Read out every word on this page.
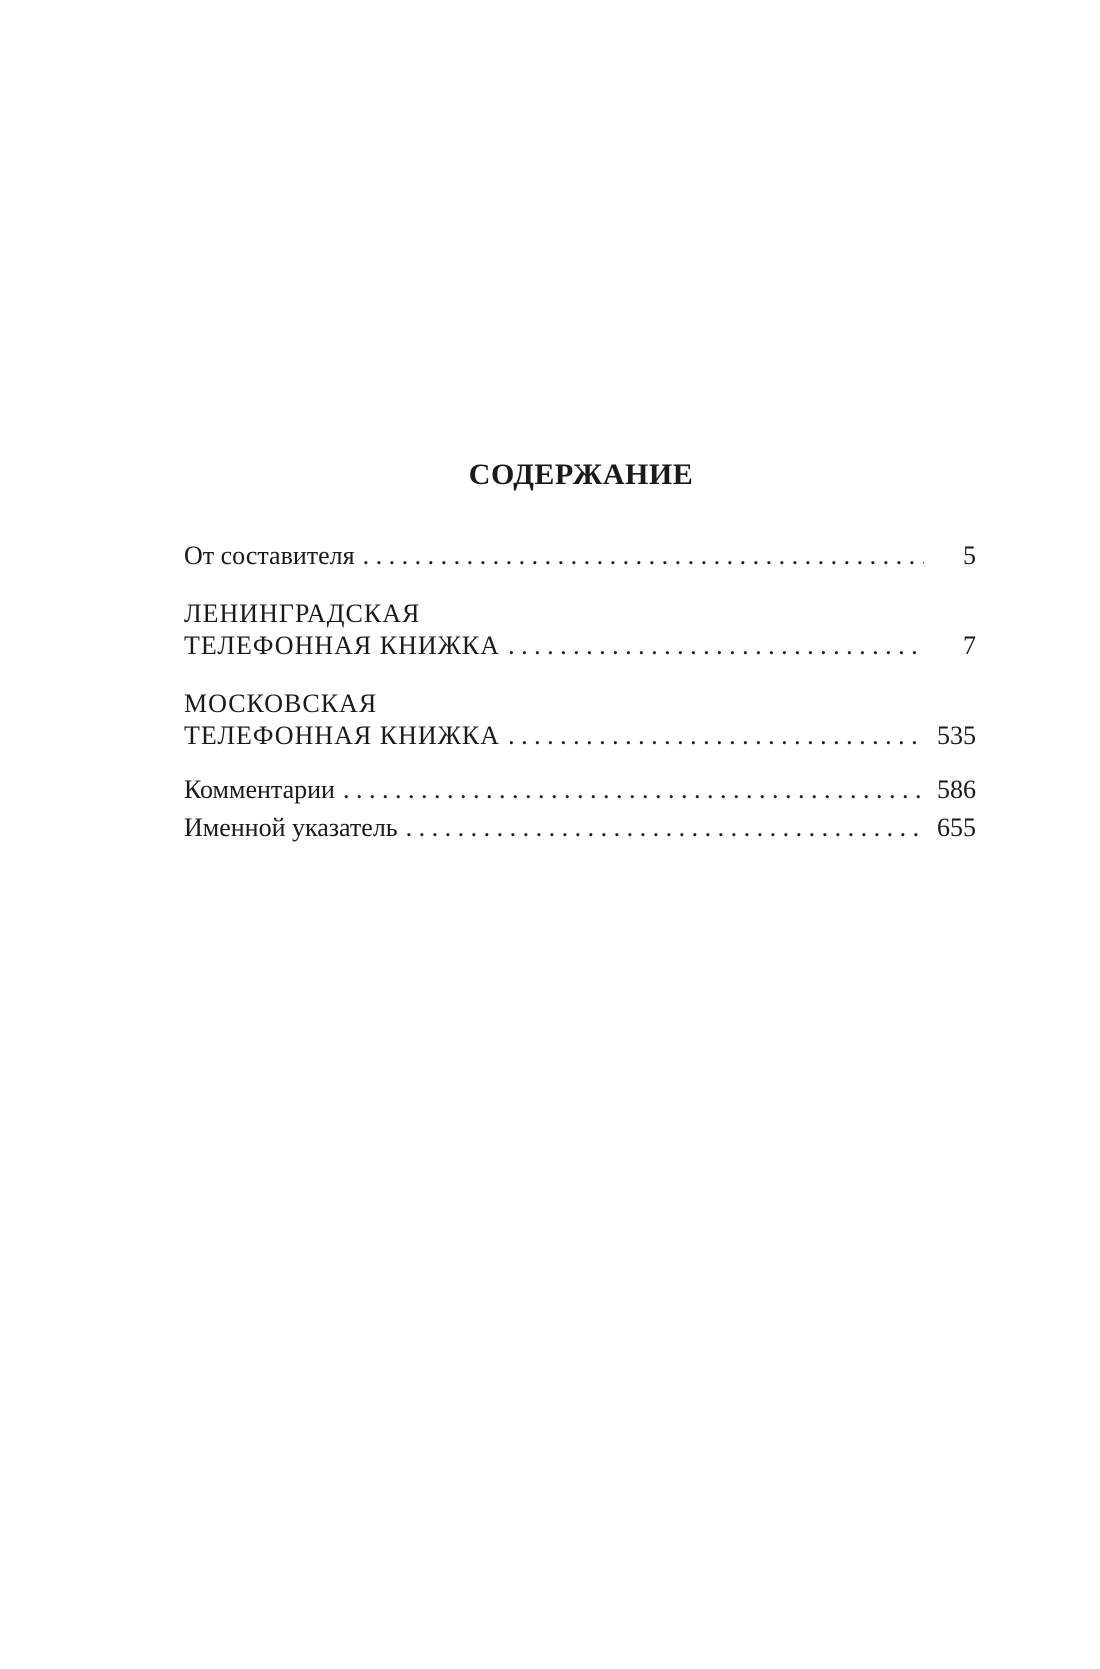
СОДЕРЖАНИЕ
От составителя . . .	5
ЛЕНИНГРАДСКАЯ
ТЕЛЕФОННАЯ КНИЖКА . . .	7
МОСКОВСКАЯ
ТЕЛЕФОННАЯ КНИЖКА . . .	535
Комментарии . . .	586
Именной указатель . . .	655
